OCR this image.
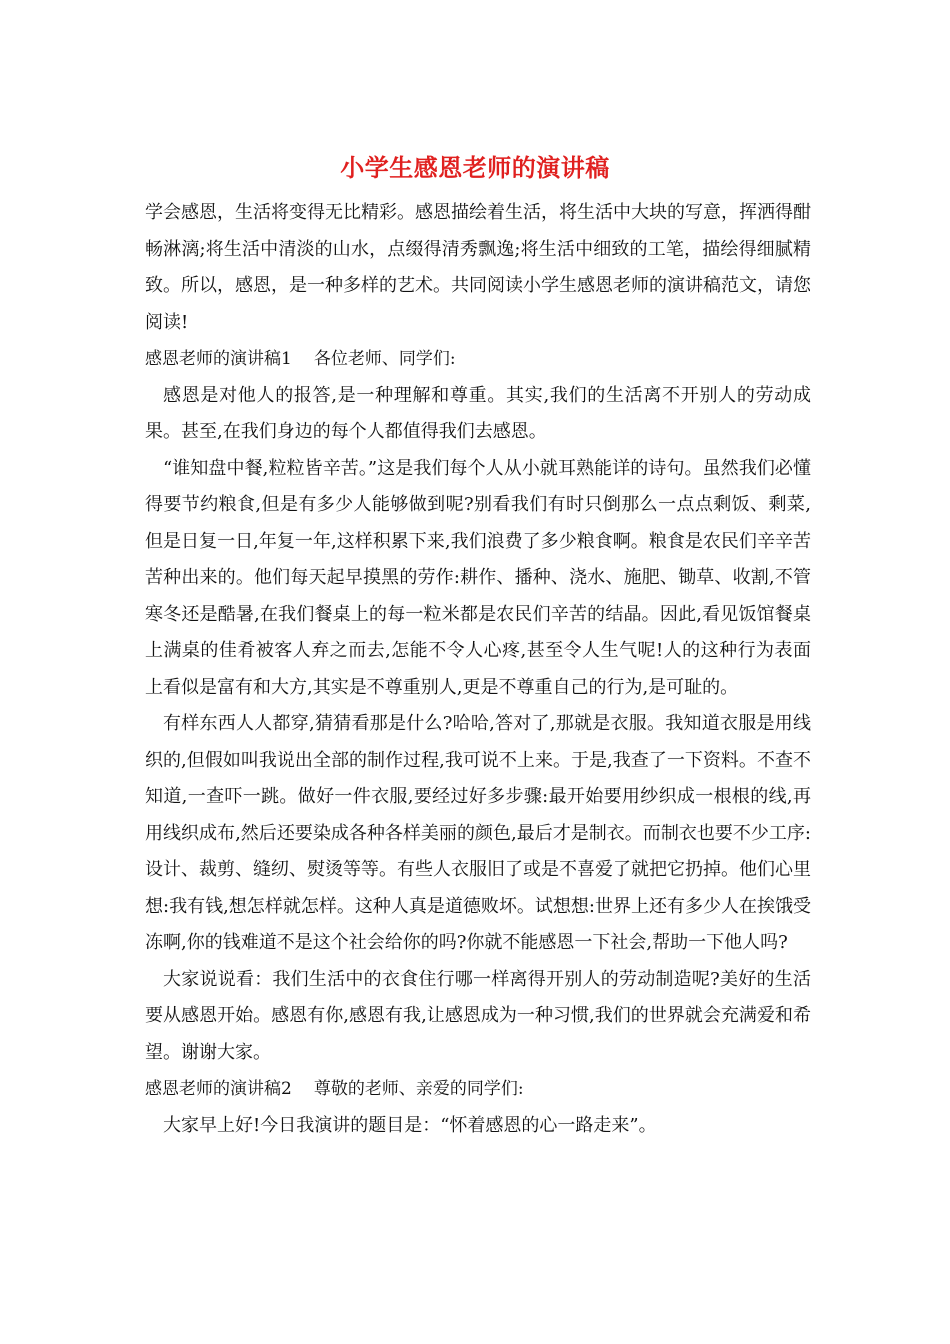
小学生感恩老师的演讲稿

学会感恩，生活将变得无比精彩。感恩描绘着生活，将生活中大块的写意，挥洒得酣畅淋漓;将生活中清淡的山水，点缀得清秀飘逸;将生活中细致的工笔，描绘得细腻精致。所以，感恩，是一种多样的艺术。共同阅读小学生感恩老师的演讲稿范文，请您阅读!

感恩老师的演讲稿1 各位老师、同学们:

感恩是对他人的报答,是一种理解和尊重。其实,我们的生活离不开别人的劳动成果。甚至,在我们身边的每个人都值得我们去感恩。

“谁知盘中餐,粒粒皆辛苦。”这是我们每个人从小就耳熟能详的诗句。虽然我们必懂得要节约粮食,但是有多少人能够做到呢?别看我们有时只倒那么一点点剩饭、剩菜,但是日复一日,年复一年,这样积累下来,我们浪费了多少粮食啊。粮食是农民们辛辛苦苦种出来的。他们每天起早摸黑的劳作:耕作、播种、浇水、施肥、锄草、收割,不管寒冬还是酷暑,在我们餐桌上的每一粒米都是农民们辛苦的结晶。因此,看见饭馆餐桌上满桌的佳肴被客人弃之而去,怎能不令人心疼,甚至令人生气呢!人的这种行为表面上看似是富有和大方,其实是不尊重别人,更是不尊重自己的行为,是可耻的。

有样东西人人都穿,猜猜看那是什么?哈哈,答对了,那就是衣服。我知道衣服是用线织的,但假如叫我说出全部的制作过程,我可说不上来。于是,我查了一下资料。不查不知道,一查吓一跳。做好一件衣服,要经过好多步骤:最开始要用纱织成一根根的线,再用线织成布,然后还要染成各种各样美丽的颜色,最后才是制衣。而制衣也要不少工序:设计、裁剪、缝纫、熨烫等等。有些人衣服旧了或是不喜爱了就把它扔掉。他们心里想:我有钱,想怎样就怎样。这种人真是道德败坏。试想想:世界上还有多少人在挨饿受冻啊,你的钱难道不是这个社会给你的吗?你就不能感恩一下社会,帮助一下他人吗?

大家说说看：我们生活中的衣食住行哪一样离得开别人的劳动制造呢?美好的生活要从感恩开始。感恩有你,感恩有我,让感恩成为一种习惯,我们的世界就会充满爱和希望。谢谢大家。

感恩老师的演讲稿2 尊敬的老师、亲爱的同学们:

大家早上好!今日我演讲的题目是：“怀着感恩的心一路走来”。
